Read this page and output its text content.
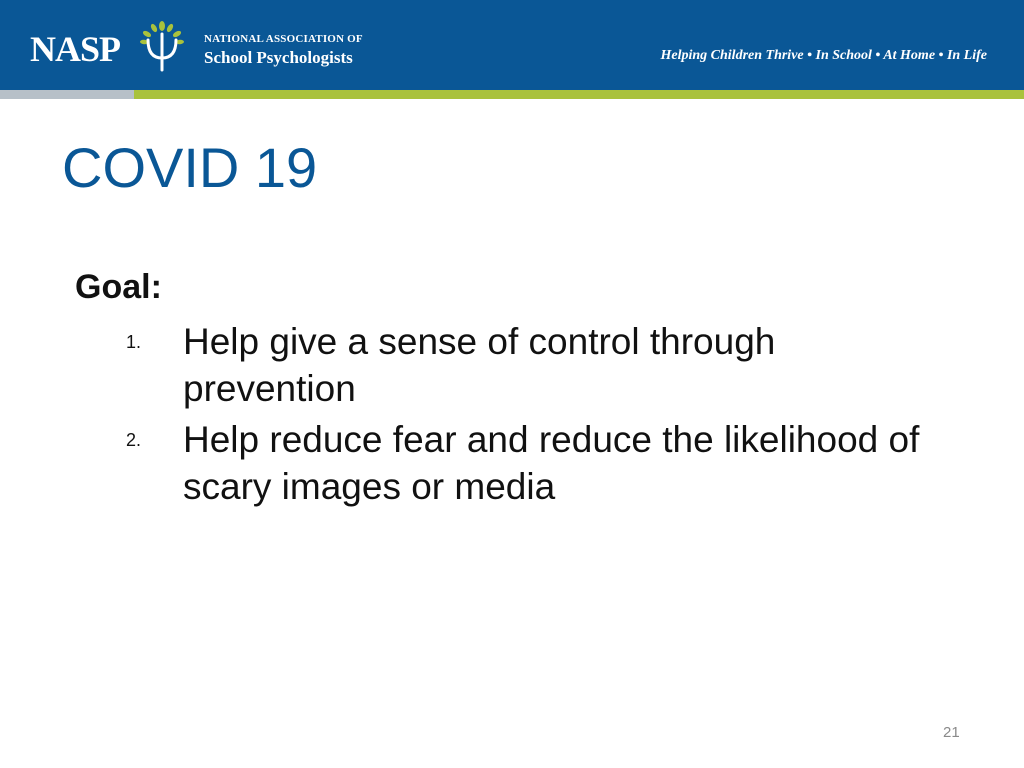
NASP	NATIONAL ASSOCIATION OF
School Psychologists	Helping Children Thrive • In School • At Home • In Life
COVID 19
Goal:
1. Help give a sense of control through prevention
2. Help reduce fear and reduce the likelihood of scary images or media
21
